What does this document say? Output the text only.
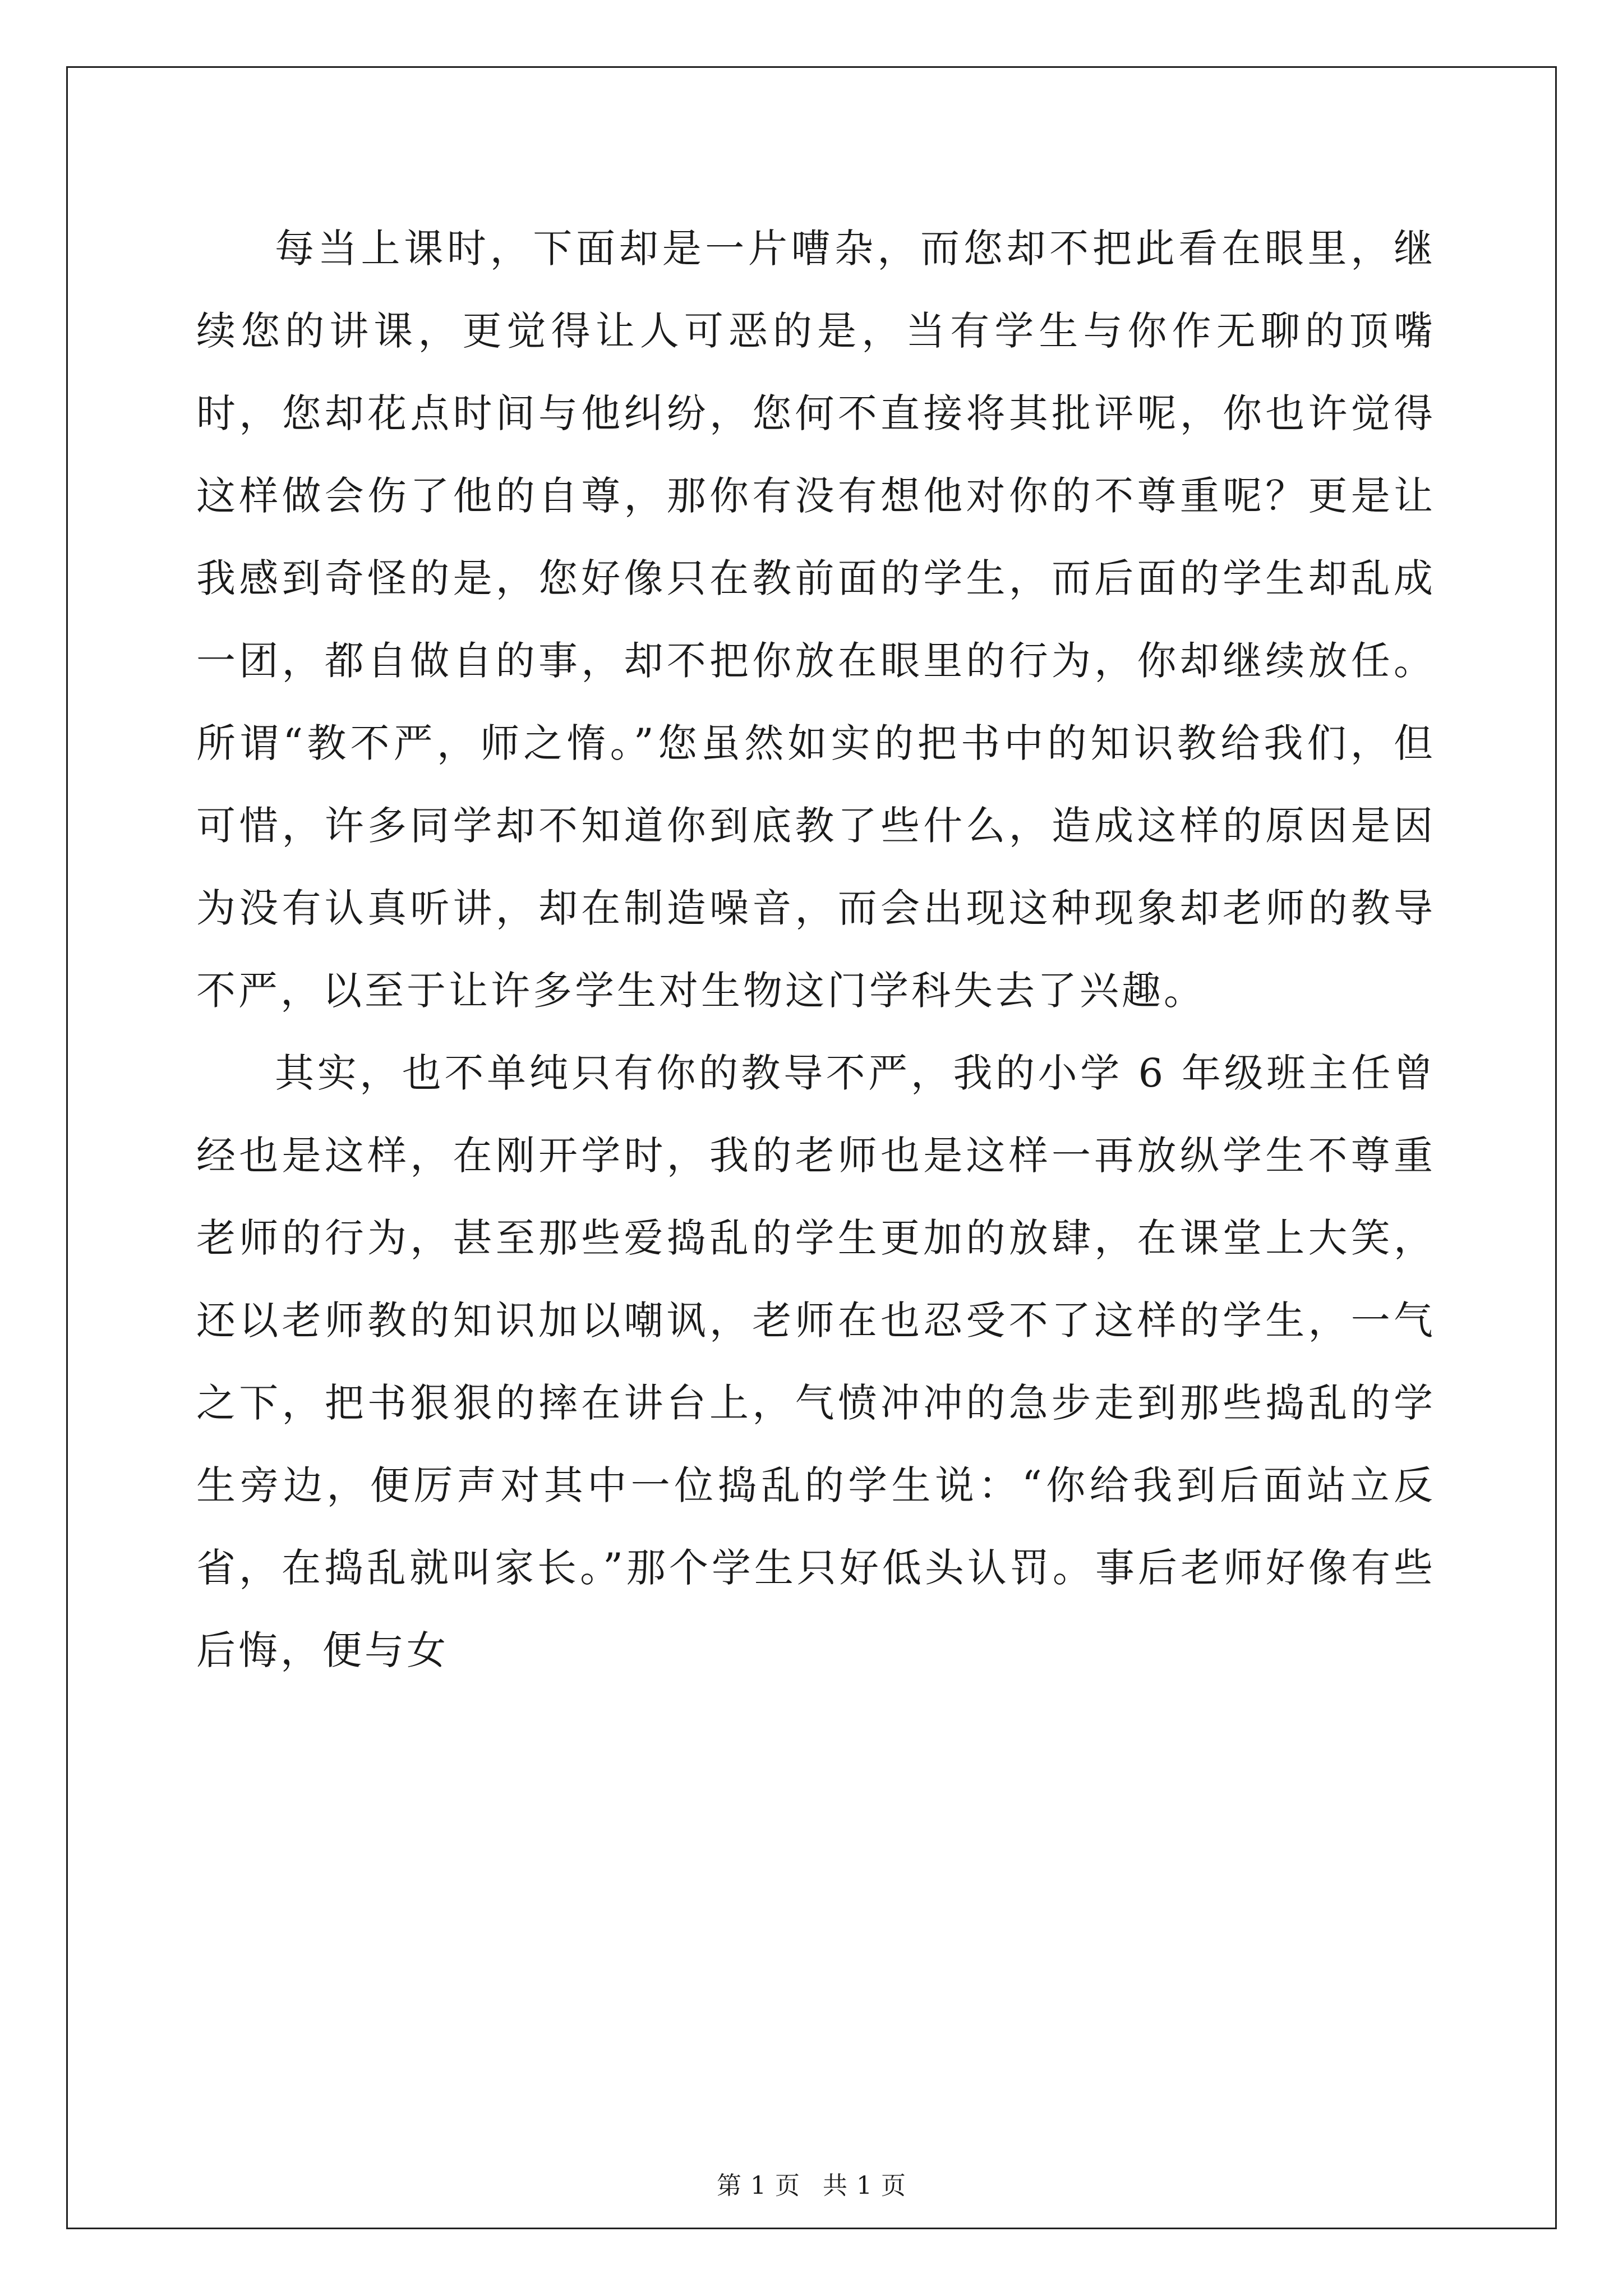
每当上课时，下面却是一片嘈杂，而您却不把此看在眼里，继续您的讲课，更觉得让人可恶的是，当有学生与你作无聊的顶嘴时，您却花点时间与他纠纷，您何不直接将其批评呢，你也许觉得这样做会伤了他的自尊，那你有没有想他对你的不尊重呢？更是让我感到奇怪的是，您好像只在教前面的学生，而后面的学生却乱成一团，都自做自的事，却不把你放在眼里的行为，你却继续放任。所谓“教不严，师之惰。”您虽然如实的把书中的知识教给我们，但可惜，许多同学却不知道你到底教了些什么，造成这样的原因是因为没有认真听讲，却在制造噪音，而会出现这种现象却老师的教导不严，以至于让许多学生对生物这门学科失去了兴趣。

其实，也不单纯只有你的教导不严，我的小学 6 年级班主任曾经也是这样，在刚开学时，我的老师也是这样一再放纵学生不尊重老师的行为，甚至那些爱捣乱的学生更加的放肆，在课堂上大笑，还以老师教的知识加以嘲讽，老师在也忍受不了这样的学生，一气之下，把书狠狠的摔在讲台上，气愤冲冲的急步走到那些捣乱的学生旁边，便厉声对其中一位捣乱的学生说：“你给我到后面站立反省，在捣乱就叫家长。”那个学生只好低头认罚。事后老师好像有些后悔，便与女

第 1 页 共 1 页
